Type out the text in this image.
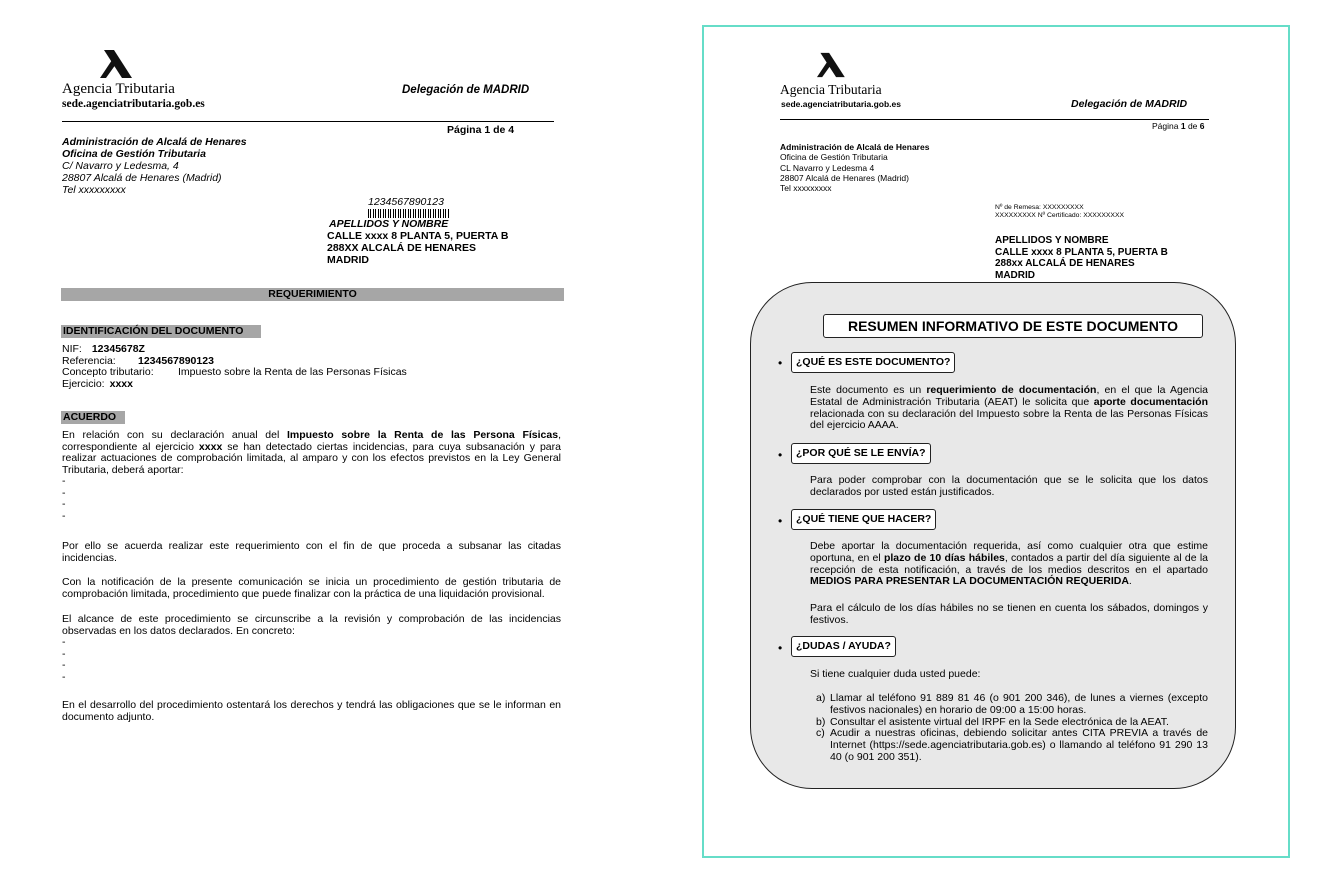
Agencia Tributaria
sede.agenciatributaria.gob.es
Delegación de MADRID
Página 1 de 4
Administración de Alcalá de Henares
Oficina de Gestión Tributaria
C/ Navarro y Ledesma, 4
28807 Alcalá de Henares (Madrid)
Tel xxxxxxxxx
1234567890123
APELLIDOS Y NOMBRE
CALLE xxxx 8 PLANTA 5, PUERTA B
288XX ALCALÁ DE HENARES
MADRID
REQUERIMIENTO
IDENTIFICACIÓN DEL DOCUMENTO
NIF: 12345678Z
Referencia: 1234567890123
Concepto tributario: Impuesto sobre la Renta de las Personas Físicas
Ejercicio: xxxx
ACUERDO
En relación con su declaración anual del Impuesto sobre la Renta de las Persona Físicas, correspondiente al ejercicio xxxx se han detectado ciertas incidencias, para cuya subsanación y para realizar actuaciones de comprobación limitada, al amparo y con los efectos previstos en la Ley General Tributaria, deberá aportar:
-
-
-
-
Por ello se acuerda realizar este requerimiento con el fin de que proceda a subsanar las citadas incidencias.
Con la notificación de la presente comunicación se inicia un procedimiento de gestión tributaria de comprobación limitada, procedimiento que puede finalizar con la práctica de una liquidación provisional.
El alcance de este procedimiento se circunscribe a la revisión y comprobación de las incidencias observadas en los datos declarados. En concreto:
-
-
-
-
En el desarrollo del procedimiento ostentará los derechos y tendrá las obligaciones que se le informan en documento adjunto.
Agencia Tributaria
sede.agenciatributaria.gob.es	Delegación de MADRID
Página 1 de 6
Administración de Alcalá de Henares
Oficina de Gestión Tributaria
CL Navarro y Ledesma 4
28807 Alcalá de Henares (Madrid)
Tel xxxxxxxxx
Nº de Remesa: XXXXXXXXX
XXXXXXXXX Nº Certificado: XXXXXXXXX
APELLIDOS Y NOMBRE
CALLE xxxx 8 PLANTA 5, PUERTA B
288xx ALCALÁ DE HENARES
MADRID
RESUMEN INFORMATIVO DE ESTE DOCUMENTO
•	¿QUÉ ES ESTE DOCUMENTO?
Este documento es un requerimiento de documentación, en el que la Agencia Estatal de Administración Tributaria (AEAT) le solicita que aporte documentación relacionada con su declaración del Impuesto sobre la Renta de las Personas Físicas del ejercicio AAAA.
•	¿POR QUÉ SE LE ENVÍA?
Para poder comprobar con la documentación que se le solicita que los datos declarados por usted están justificados.
•	¿QUÉ TIENE QUE HACER?
Debe aportar la documentación requerida, así como cualquier otra que estime oportuna, en el plazo de 10 días hábiles, contados a partir del día siguiente al de la recepción de esta notificación, a través de los medios descritos en el apartado MEDIOS PARA PRESENTAR LA DOCUMENTACIÓN REQUERIDA.
Para el cálculo de los días hábiles no se tienen en cuenta los sábados, domingos y festivos.
•	¿DUDAS / AYUDA?
Si tiene cualquier duda usted puede:
a) Llamar al teléfono 91 889 81 46 (o 901 200 346), de lunes a viernes (excepto festivos nacionales) en horario de 09:00 a 15:00 horas.
b) Consultar el asistente virtual del IRPF en la Sede electrónica de la AEAT.
c) Acudir a nuestras oficinas, debiendo solicitar antes CITA PREVIA a través de Internet (https://sede.agenciatributaria.gob.es) o llamando al teléfono 91 290 13 40 (o 901 200 351).
